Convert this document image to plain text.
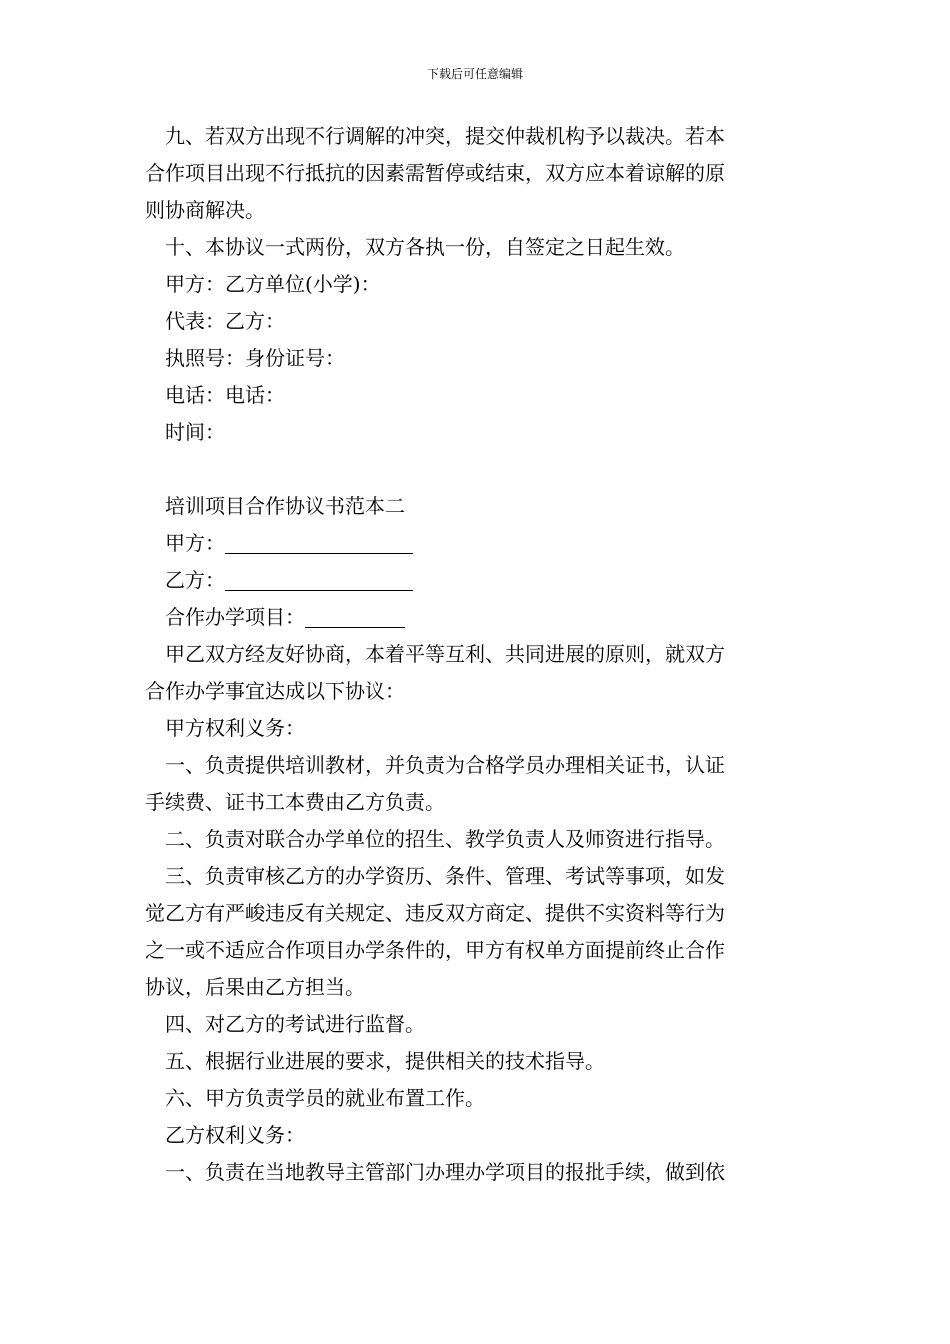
下载后可任意编辑

九、若双方出现不行调解的冲突，提交仲裁机构予以裁决。若本

合作项目出现不行抵抗的因素需暂停或结束，双方应本着谅解的原

则协商解决。

十、本协议一式两份，双方各执一份，自签定之日起生效。

甲方：乙方单位(小学)：

代表：乙方：

执照号：身份证号：

电话：电话：

时间：

培训项目合作协议书范本二

甲方：

乙方：

合作办学项目：

甲乙双方经友好协商，本着平等互利、共同进展的原则，就双方

合作办学事宜达成以下协议：

甲方权利义务：

一、负责提供培训教材，并负责为合格学员办理相关证书，认证

手续费、证书工本费由乙方负责。

二、负责对联合办学单位的招生、教学负责人及师资进行指导。

三、负责审核乙方的办学资历、条件、管理、考试等事项，如发

觉乙方有严峻违反有关规定、违反双方商定、提供不实资料等行为

之一或不适应合作项目办学条件的，甲方有权单方面提前终止合作

协议，后果由乙方担当。

四、对乙方的考试进行监督。

五、根据行业进展的要求，提供相关的技术指导。

六、甲方负责学员的就业布置工作。

乙方权利义务：

一、负责在当地教导主管部门办理办学项目的报批手续，做到依
